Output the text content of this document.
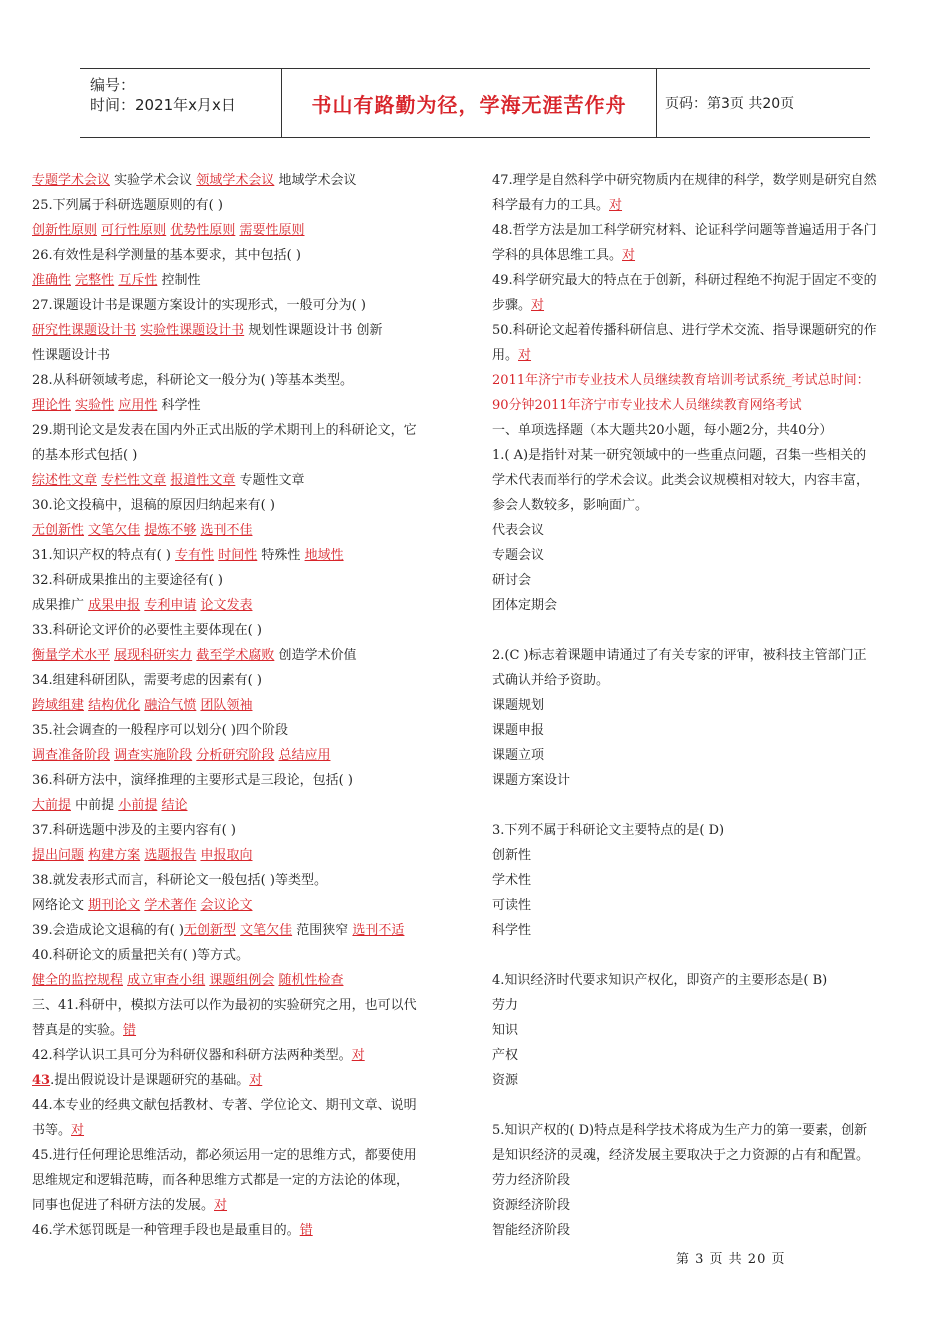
编号：
时间：2021年x月x日	书山有路勤为径，学海无涯苦作舟	页码：第3页 共20页
专题学术会议 实验学术会议 领域学术会议 地域学术会议
25.下列属于科研选题原则的有( )
创新性原则 可行性原则 优势性原则 需要性原则
26.有效性是科学测量的基本要求，其中包括( )
准确性 完整性 互斥性 控制性
27.课题设计书是课题方案设计的实现形式，一般可分为( )
研究性课题设计书 实验性课题设计书 规划性课题设计书 创新
性课题设计书
28.从科研领域考虑，科研论文一般分为( )等基本类型。
理论性 实验性 应用性 科学性
29.期刊论文是发表在国内外正式出版的学术期刊上的科研论文，它
的基本形式包括( )
综述性文章 专栏性文章 报道性文章 专题性文章
30.论文投稿中，退稿的原因归纳起来有( )
无创新性 文笔欠佳 提炼不够 选刊不佳
31.知识产权的特点有( ) 专有性 时间性 特殊性 地域性
32.科研成果推出的主要途径有( )
成果推广 成果申报 专利申请 论文发表
33.科研论文评价的必要性主要体现在( )
衡量学术水平 展现科研实力 截至学术腐败 创造学术价值
34.组建科研团队，需要考虑的因素有( )
跨域组建 结构优化 融洽气愤 团队领袖
35.社会调查的一般程序可以划分( )四个阶段
调查准备阶段 调查实施阶段 分析研究阶段 总结应用
36.科研方法中，演绎推理的主要形式是三段论，包括( )
大前提 中前提 小前提 结论
37.科研选题中涉及的主要内容有( )
提出问题 构建方案 选题报告 申报取向
38.就发表形式而言，科研论文一般包括( )等类型。
网络论文 期刊论文 学术著作 会议论文
39.会造成论文退稿的有( )无创新型 文笔欠佳 范围狭窄 选刊不适
40.科研论文的质量把关有( )等方式。
健全的监控规程 成立审查小组 课题组例会 随机性检查
三、41.科研中，模拟方法可以作为最初的实验研究之用，也可以代
替真是的实验。错
42.科学认识工具可分为科研仪器和科研方法两种类型。对
43.提出假说设计是课题研究的基础。对
44.本专业的经典文献包括教材、专著、学位论文、期刊文章、说明
书等。对
45.进行任何理论思维活动，都必须运用一定的思维方式，都要使用
思维规定和逻辑范畴，而各种思维方式都是一定的方法论的体现，
同事也促进了科研方法的发展。对
46.学术惩罚既是一种管理手段也是最重目的。错
47.理学是自然科学中研究物质内在规律的科学，数学则是研究自然
科学最有力的工具。对
48.哲学方法是加工科学研究材料、论证科学问题等普遍适用于各门
学科的具体思维工具。对
49.科学研究最大的特点在于创新，科研过程绝不拘泥于固定不变的
步骤。对
50.科研论文起着传播科研信息、进行学术交流、指导课题研究的作
用。对
2011年济宁市专业技术人员继续教育培训考试系统_考试总时间：
90分钟2011年济宁市专业技术人员继续教育网络考试
一、单项选择题（本大题共20小题，每小题2分，共40分）
1.( A)是指针对某一研究领域中的一些重点问题，召集一些相关的
学术代表而举行的学术会议。此类会议规模相对较大，内容丰富，
参会人数较多，影响面广。
代表会议
专题会议
研讨会
团体定期会
2.(C )标志着课题申请通过了有关专家的评审，被科技主管部门正
式确认并给予资助。
课题规划
课题申报
课题立项
课题方案设计
3.下列不属于科研论文主要特点的是( D)
创新性
学术性
可读性
科学性
4.知识经济时代要求知识产权化，即资产的主要形态是( B)
劳力
知识
产权
资源
5.知识产权的( D)特点是科学技术将成为生产力的第一要素，创新
是知识经济的灵魂，经济发展主要取决于之力资源的占有和配置。
劳力经济阶段
资源经济阶段
智能经济阶段
第 3 页 共 20 页
